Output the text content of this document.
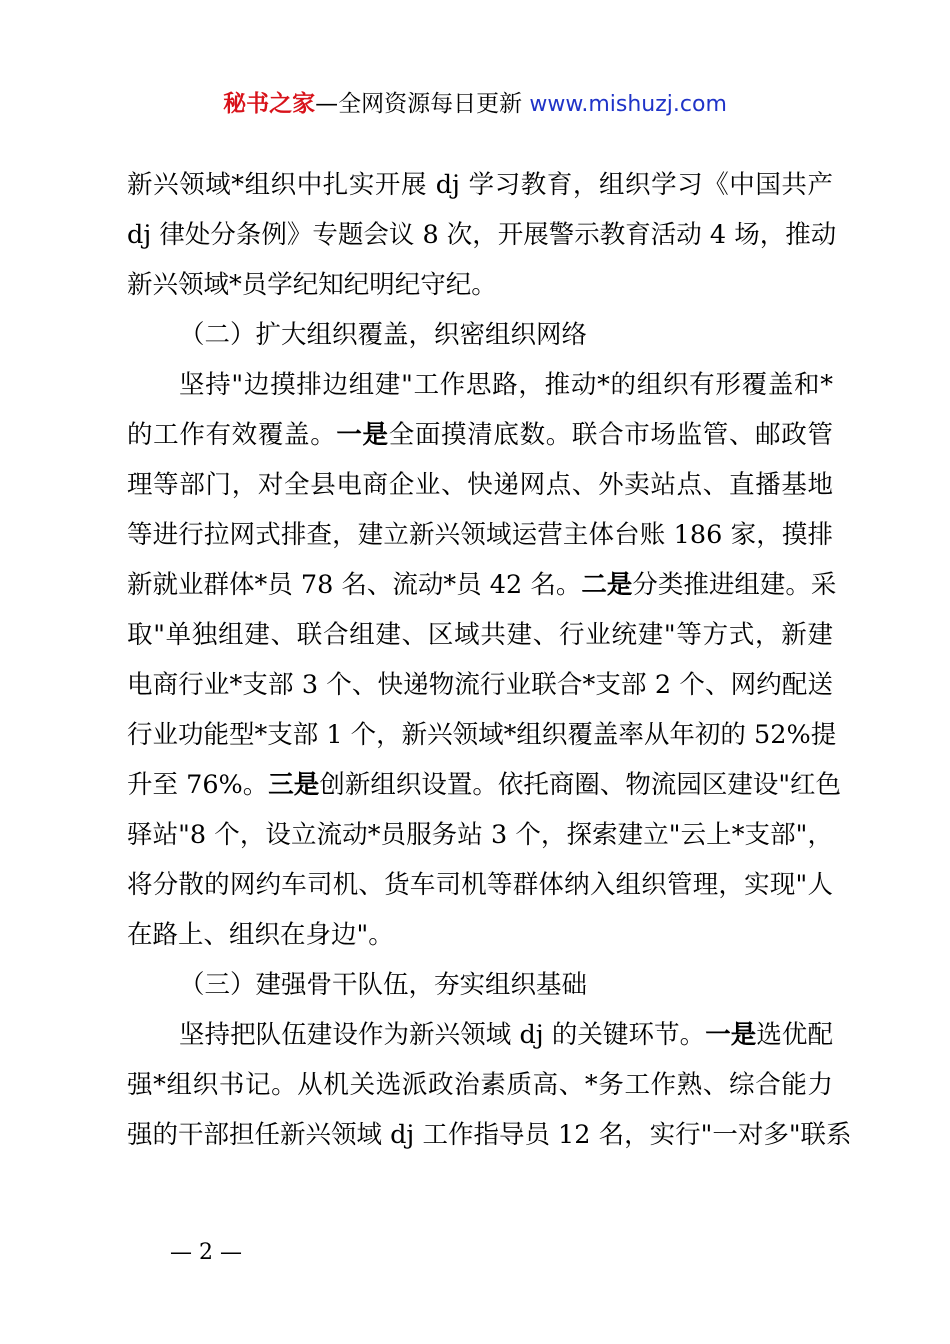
秘书之家—全网资源每日更新 www.mishuzj.com
新兴领域*组织中扎实开展 dj 学习教育，组织学习《中国共产
dj 律处分条例》专题会议 8 次，开展警示教育活动 4 场，推动
新兴领域*员学纪知纪明纪守纪。
（二）扩大组织覆盖，织密组织网络
坚持"边摸排边组建"工作思路，推动*的组织有形覆盖和*
的工作有效覆盖。一是全面摸清底数。联合市场监管、邮政管
理等部门，对全县电商企业、快递网点、外卖站点、直播基地
等进行拉网式排查，建立新兴领域运营主体台账 186 家，摸排
新就业群体*员 78 名、流动*员 42 名。二是分类推进组建。采
取"单独组建、联合组建、区域共建、行业统建"等方式，新建
电商行业*支部 3 个、快递物流行业联合*支部 2 个、网约配送
行业功能型*支部 1 个，新兴领域*组织覆盖率从年初的 52%提
升至 76%。三是创新组织设置。依托商圈、物流园区建设"红色
驿站"8 个，设立流动*员服务站 3 个，探索建立"云上*支部"，
将分散的网约车司机、货车司机等群体纳入组织管理，实现"人
在路上、组织在身边"。
（三）建强骨干队伍，夯实组织基础
坚持把队伍建设作为新兴领域 dj 的关键环节。一是选优配
强*组织书记。从机关选派政治素质高、*务工作熟、综合能力
强的干部担任新兴领域 dj 工作指导员 12 名，实行"一对多"联系
— 2 —
